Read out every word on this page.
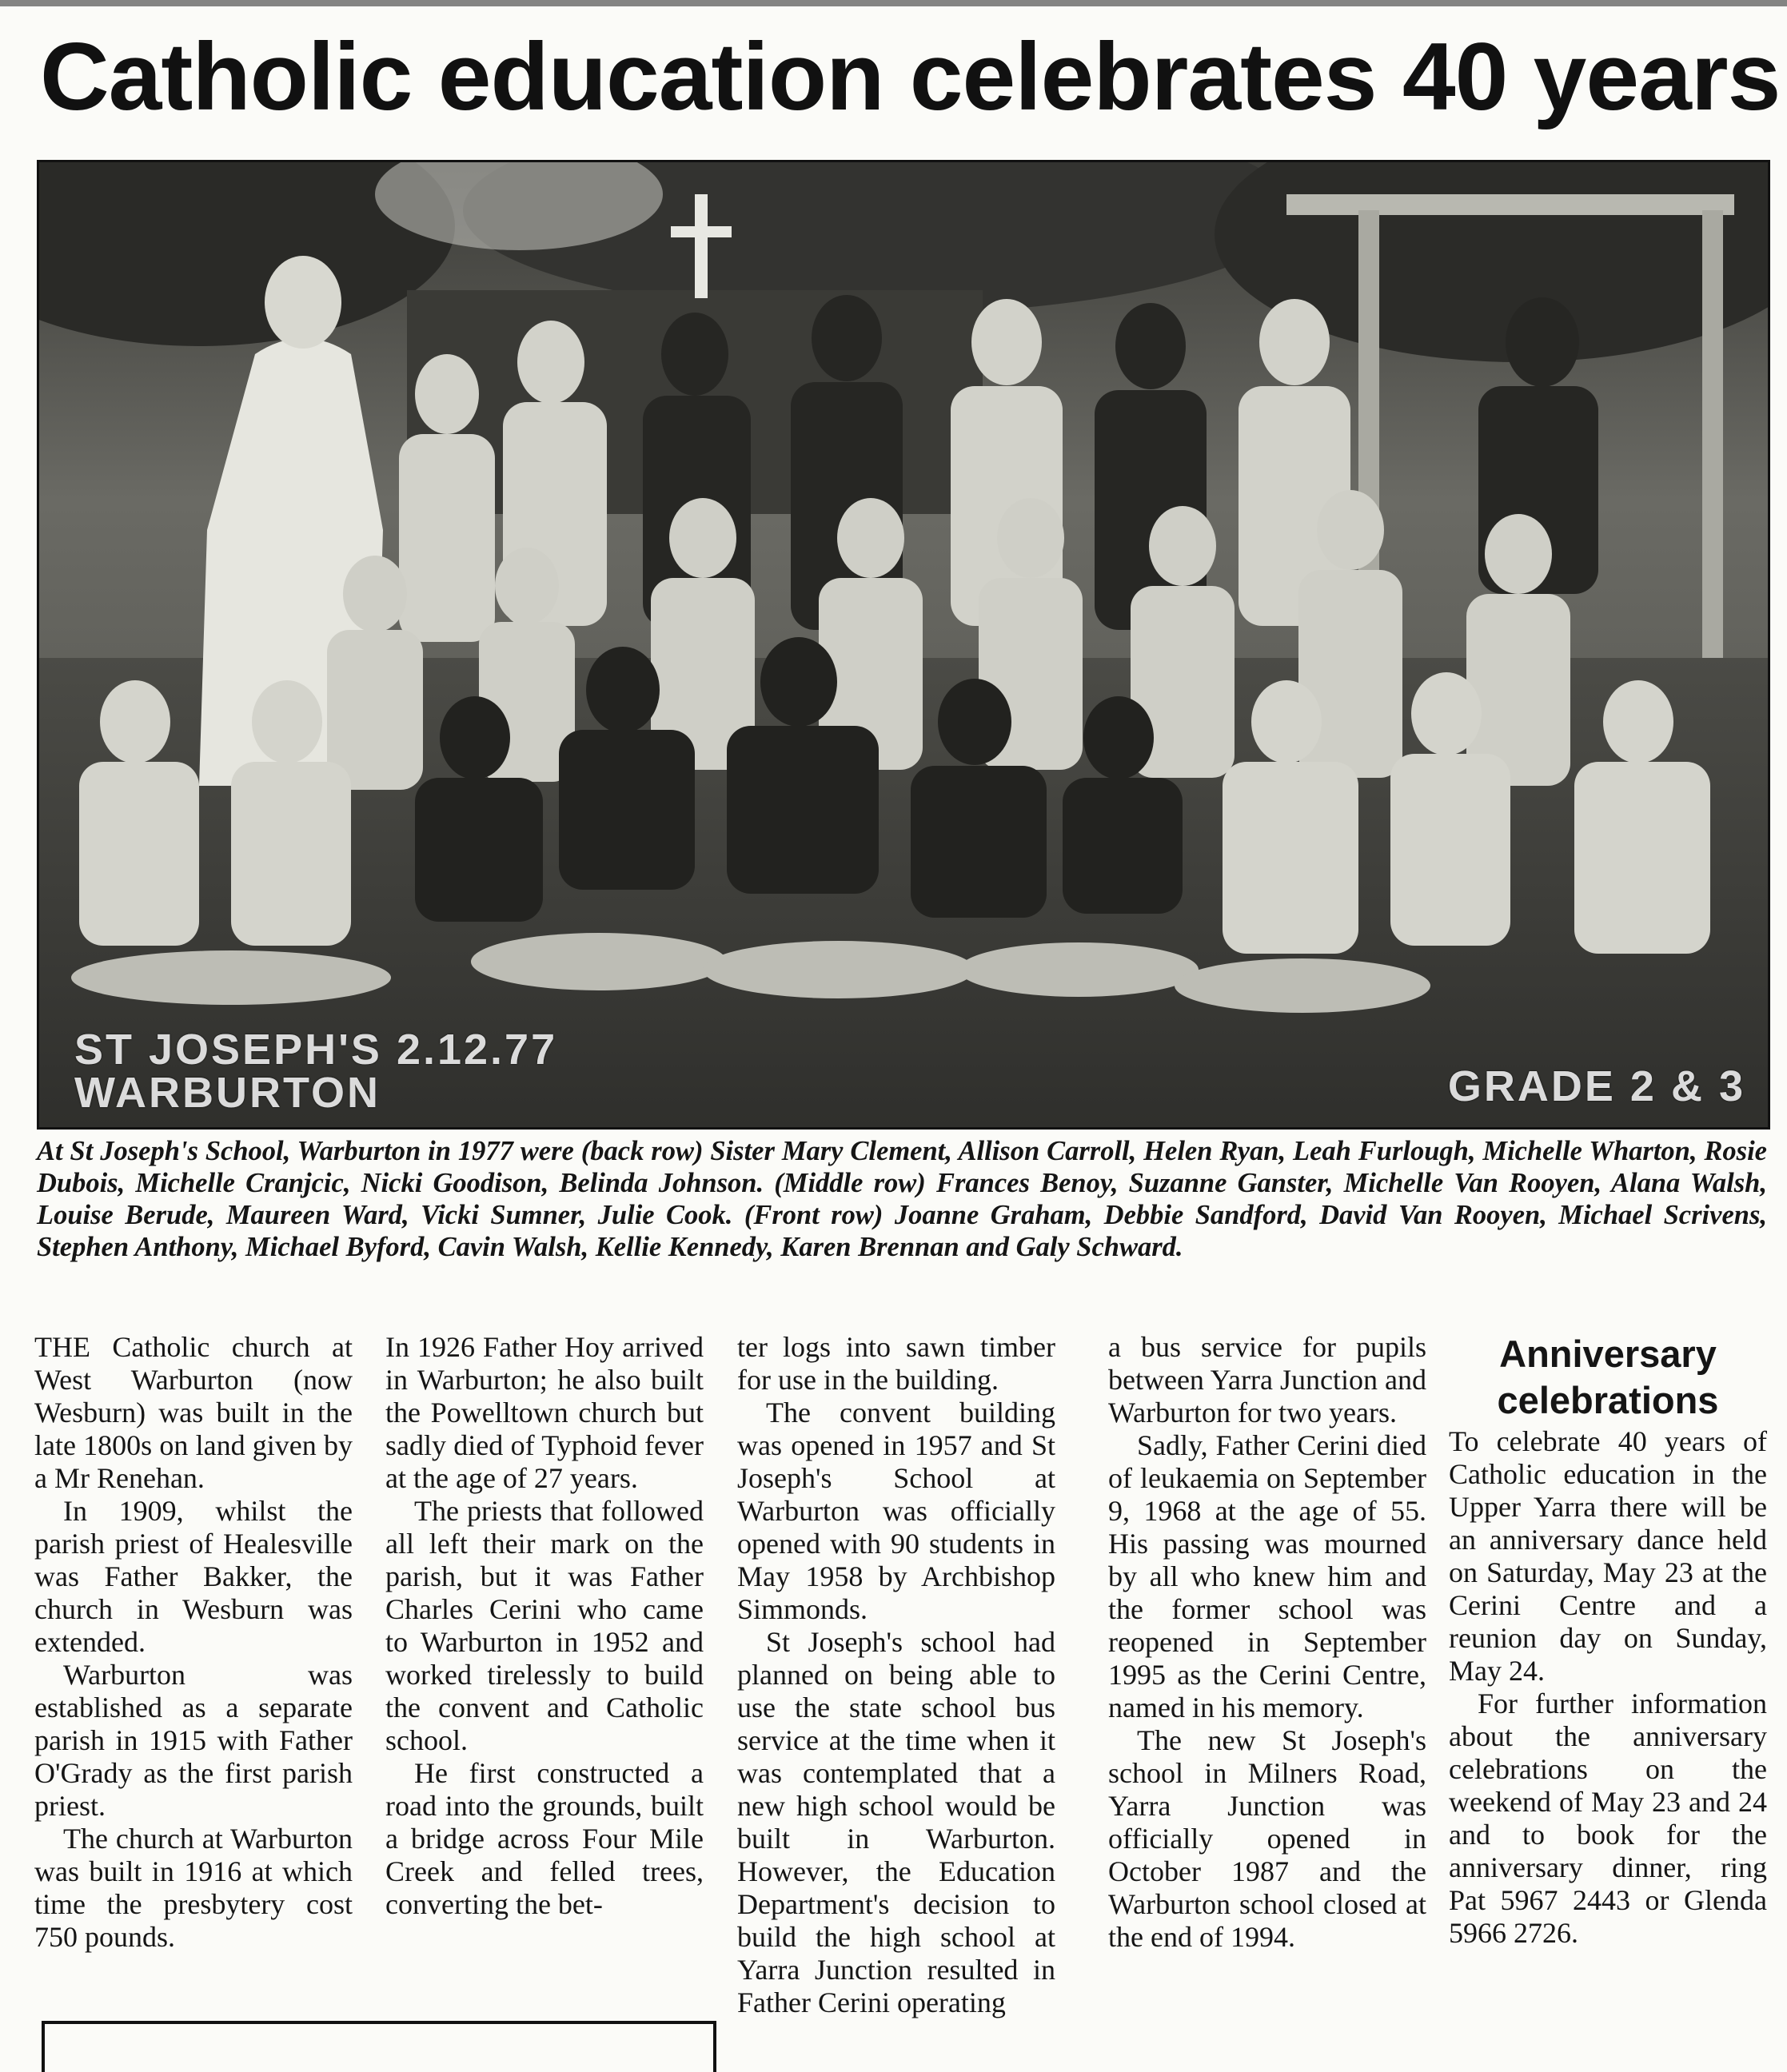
Catholic education celebrates 40 years
ST JOSEPH'S 2.12.77
WARBURTON	GRADE 2 & 3

At St Joseph's School, Warburton in 1977 were (back row) Sister Mary Clement, Allison Carroll, Helen Ryan, Leah Furlough, Michelle Wharton, Rosie Dubois, Michelle Cranjcic, Nicki Goodison, Belinda Johnson. (Middle row) Frances Benoy, Suzanne Ganster, Michelle Van Rooyen, Alana Walsh, Louise Berude, Maureen Ward, Vicki Sumner, Julie Cook. (Front row) Joanne Graham, Debbie Sandford, David Van Rooyen, Michael Scrivens, Stephen Anthony, Michael Byford, Cavin Walsh, Kellie Kennedy, Karen Brennan and Galy Schward.

THE Catholic church at West Warburton (now Wesburn) was built in the late 1800s on land given by a Mr Renehan.

In 1909, whilst the parish priest of Healesville was Father Bakker, the church in Wesburn was extended.

Warburton was established as a separate parish in 1915 with Father O'Grady as the first parish priest.

The church at Warburton was built in 1916 at which time the presbytery cost 750 pounds.

In 1926 Father Hoy arrived in Warburton; he also built the Powelltown church but sadly died of Typhoid fever at the age of 27 years.

The priests that followed all left their mark on the parish, but it was Father Charles Cerini who came to Warburton in 1952 and worked tirelessly to build the convent and Catholic school.

He first constructed a road into the grounds, built a bridge across Four Mile Creek and felled trees, converting the bet-

ter logs into sawn timber for use in the building.

The convent building was opened in 1957 and St Joseph's School at Warburton was officially opened with 90 students in May 1958 by Archbishop Simmonds.

St Joseph's school had planned on being able to use the state school bus service at the time when it was contemplated that a new high school would be built in Warburton. However, the Education Department's decision to build the high school at Yarra Junction resulted in Father Cerini operating

a bus service for pupils between Yarra Junction and Warburton for two years.

Sadly, Father Cerini died of leukaemia on September 9, 1968 at the age of 55. His passing was mourned by all who knew him and the former school was reopened in September 1995 as the Cerini Centre, named in his memory.

The new St Joseph's school in Milners Road, Yarra Junction was officially opened in October 1987 and the Warburton school closed at the end of 1994.

Anniversary
celebrations

To celebrate 40 years of Catholic education in the Upper Yarra there will be an anniversary dance held on Saturday, May 23 at the Cerini Centre and a reunion day on Sunday, May 24.

For further information about the anniversary celebrations on the weekend of May 23 and 24 and to book for the anniversary dinner, ring Pat 5967 2443 or Glenda 5966 2726.
